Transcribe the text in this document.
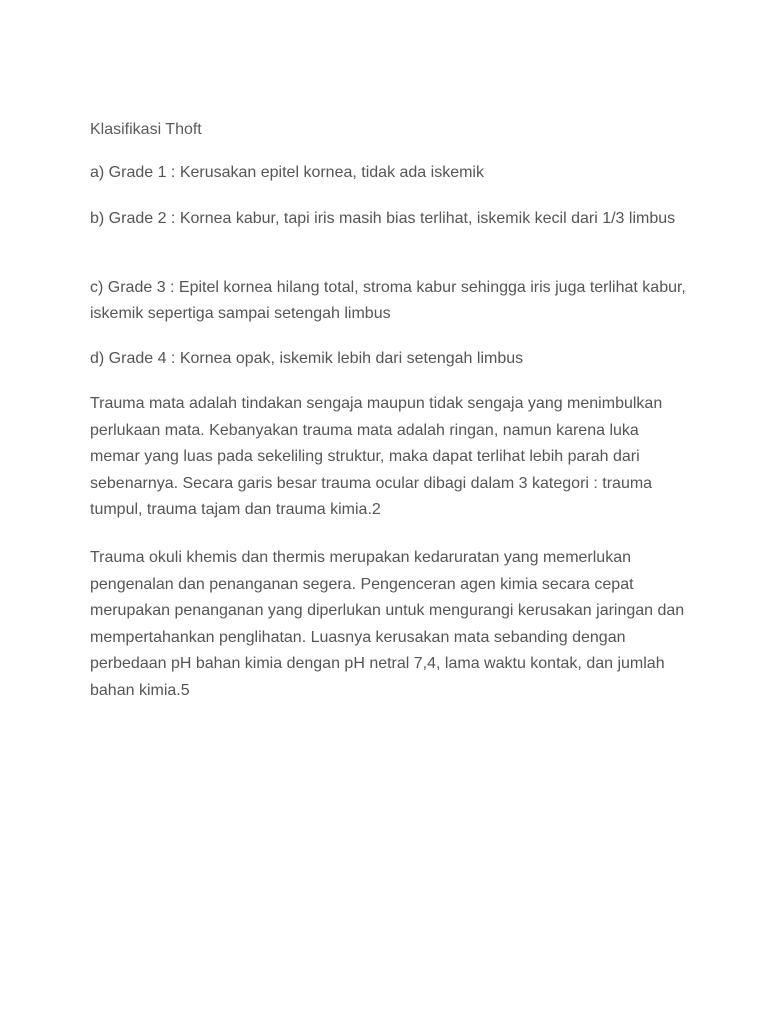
Klasifikasi Thoft

a) Grade 1 : Kerusakan epitel kornea, tidak ada iskemik

b) Grade 2 : Kornea kabur, tapi iris masih bias terlihat, iskemik kecil dari 1/3 limbus

c) Grade 3 : Epitel kornea hilang total, stroma kabur sehingga iris juga terlihat kabur, iskemik sepertiga sampai setengah limbus

d) Grade 4 : Kornea opak, iskemik lebih dari setengah limbus

Trauma mata adalah tindakan sengaja maupun tidak sengaja yang menimbulkan perlukaan mata. Kebanyakan trauma mata adalah ringan, namun karena luka memar yang luas pada sekeliling struktur, maka dapat terlihat lebih parah dari sebenarnya. Secara garis besar trauma ocular dibagi dalam 3 kategori : trauma tumpul, trauma tajam dan trauma kimia.2

Trauma okuli khemis dan thermis merupakan kedaruratan yang memerlukan pengenalan dan penanganan segera. Pengenceran agen kimia secara cepat merupakan penanganan yang diperlukan untuk mengurangi kerusakan jaringan dan mempertahankan penglihatan. Luasnya kerusakan mata sebanding dengan perbedaan pH bahan kimia dengan pH netral 7,4, lama waktu kontak, dan jumlah bahan kimia.5
